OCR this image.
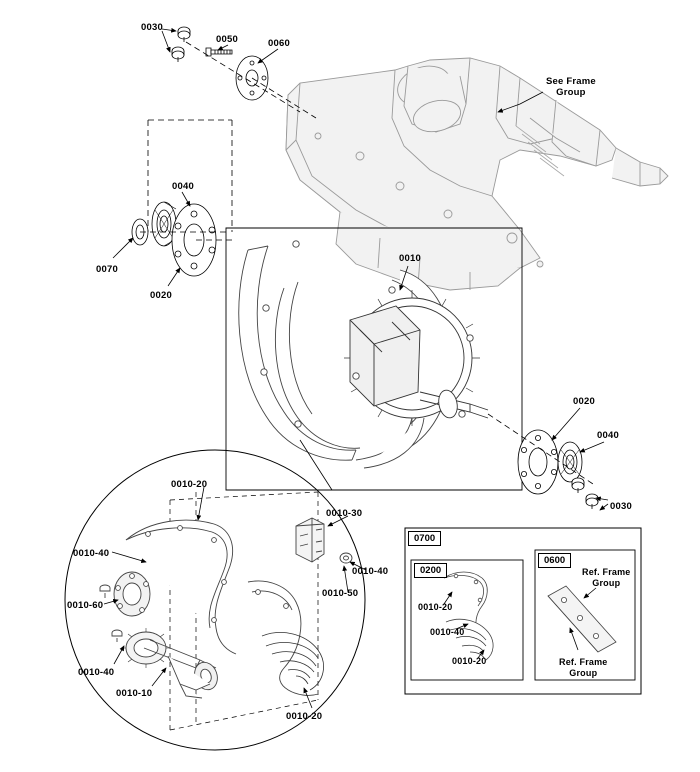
0030
0050	0060
0040
0070
0020
0010
0020
0040
0030
0010-20
0010-30
0010-40
0010-40
0010-50
0010-60
0010-40
0010-10
0010-20
0010-20
0010-40
0010-20
See Frame
Group
Ref. Frame
Group
Ref. Frame
Group
0700
0200
0600
